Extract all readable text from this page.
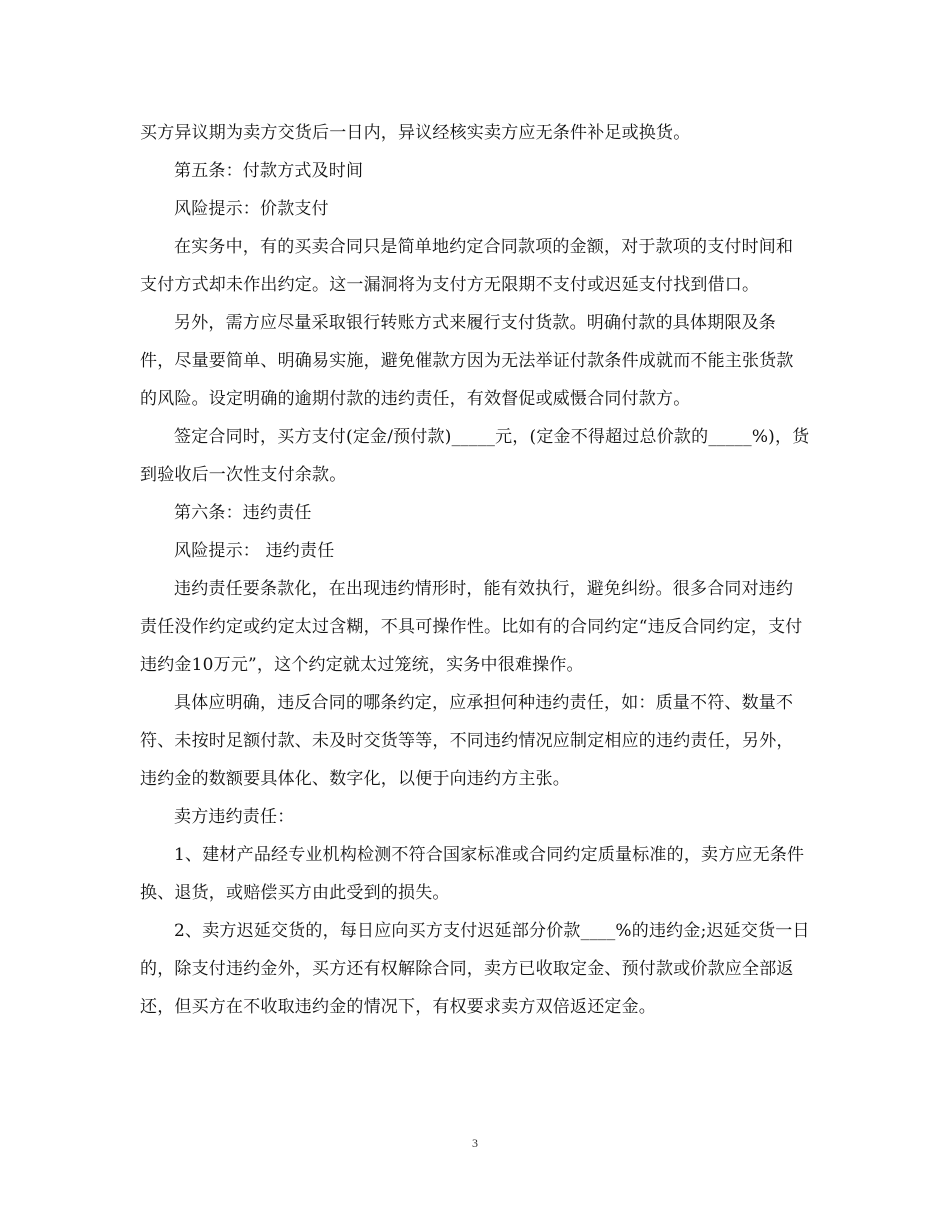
买方异议期为卖方交货后一日内，异议经核实卖方应无条件补足或换货。

第五条：付款方式及时间

风险提示：价款支付

在实务中，有的买卖合同只是简单地约定合同款项的金额，对于款项的支付时间和支付方式却未作出约定。这一漏洞将为支付方无限期不支付或迟延支付找到借口。

另外，需方应尽量采取银行转账方式来履行支付货款。明确付款的具体期限及条件，尽量要简单、明确易实施，避免催款方因为无法举证付款条件成就而不能主张货款的风险。设定明确的逾期付款的违约责任，有效督促或威慑合同付款方。

签定合同时，买方支付(定金/预付款)_____元，(定金不得超过总价款的_____%)，货到验收后一次性支付余款。

第六条：违约责任

风险提示： 违约责任

违约责任要条款化，在出现违约情形时，能有效执行，避免纠纷。很多合同对违约责任没作约定或约定太过含糊，不具可操作性。比如有的合同约定“违反合同约定，支付违约金10万元”，这个约定就太过笼统，实务中很难操作。

具体应明确，违反合同的哪条约定，应承担何种违约责任，如：质量不符、数量不符、未按时足额付款、未及时交货等等，不同违约情况应制定相应的违约责任，另外，违约金的数额要具体化、数字化，以便于向违约方主张。

卖方违约责任：

1、建材产品经专业机构检测不符合国家标准或合同约定质量标准的，卖方应无条件换、退货，或赔偿买方由此受到的损失。

2、卖方迟延交货的，每日应向买方支付迟延部分价款____%的违约金;迟延交货一日的，除支付违约金外，买方还有权解除合同，卖方已收取定金、预付款或价款应全部返还，但买方在不收取违约金的情况下，有权要求卖方双倍返还定金。

3
